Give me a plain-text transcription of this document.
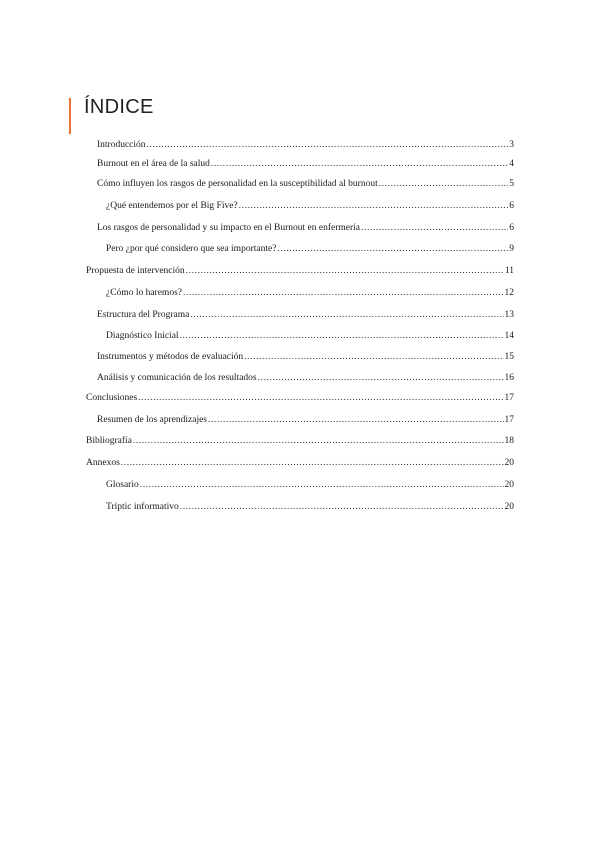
ÍNDICE
Introducción .....	3
Burnout en el área de la salud .....	4
Cómo influyen los rasgos de personalidad en la susceptibilidad al burnout .....	5
¿Qué entendemos por el Big Five? .....	6
Los rasgos de personalidad y su impacto en el Burnout en enfermería .....	6
Pero ¿por qué considero que sea importante? .....	9
Propuesta de intervención .....	11
¿Cómo lo haremos? .....	12
Estructura del Programa .....	13
Diagnóstico Inicial .....	14
Instrumentos y métodos de evaluación .....	15
Análisis y comunicación de los resultados .....	16
Conclusiones .....	17
Resumen de los aprendizajes .....	17
Bibliografía .....	18
Annexos .....	20
Glosario .....	20
Tríptic informativo .....	20
